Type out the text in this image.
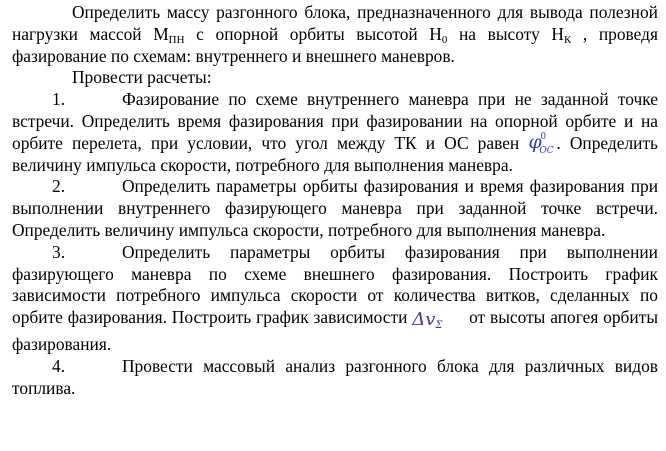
Определить массу разгонного блока, предназначенного для вывода полезной нагрузки массой $М_{ПН}$ с опорной орбиты высотой $Н_0$ на высоту $Н_К$ , проведя фазирование по схемам: внутреннего и внешнего маневров.

Провести расчеты:

1.	Фазирование по схеме внутреннего маневра при не заданной точке встречи. Определить время фазирования при фазировании на опорной орбите и на орбите перелета, при условии, что угол между ТК и ОС равен φ
0
ОС . Определить величину импульса скорости, потребного для выполнения маневра.

2.	Определить параметры орбиты фазирования и время фазирования при выполнении внутреннего фазирующего маневра при заданной точке встречи. Определить величину импульса скорости, потребного для выполнения маневра.

3.	Определить параметры орбиты фазирования при выполнении фазирующего маневра по схеме внешнего фазирования. Построить график зависимости потребного импульса скорости от количества витков, сделанных по орбите фазирования. Построить график зависимости ΔvΣ от высоты апогея орбиты фазирования.

4.	Провести массовый анализ разгонного блока для различных видов топлива.
